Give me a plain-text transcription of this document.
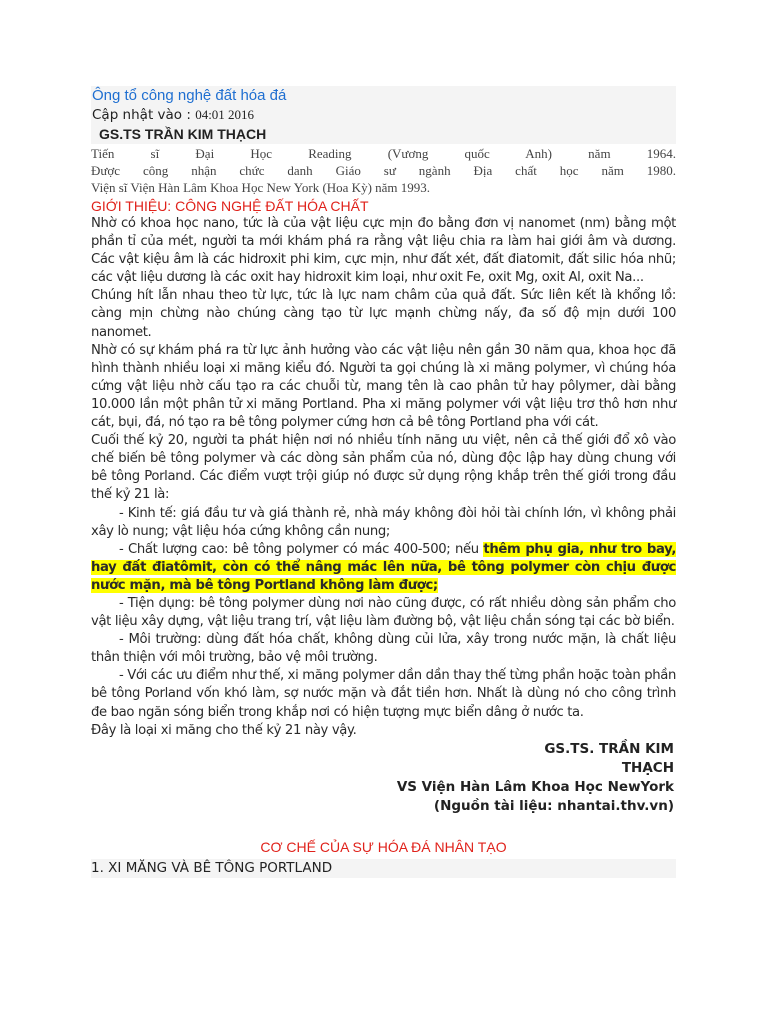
Ông tổ công nghệ đất hóa đá
Cập nhật vào : 04:01 2016
GS.TS TRẦN KIM THẠCH
Tiến sĩ Đại Học Reading (Vương quốc Anh) năm 1964.
Được công nhận chức danh Giáo sư ngành Địa chất học năm 1980.
Viện sĩ Viện Hàn Lâm Khoa Học New York (Hoa Kỳ) năm 1993.
GIỚI THIỆU: CÔNG NGHỆ ĐẤT HÓA CHẤT

Nhờ có khoa học nano, tức là của vật liệu cực mịn đo bằng đơn vị nanomet (nm) bằng một phần tỉ của mét, người ta mới khám phá ra rằng vật liệu chia ra làm hai giới âm và dương. Các vật kiệu âm là các hidroxit phi kim, cực mịn, như đất xét, đất điatomit, đất silic hóa nhũ; các vật liệu dương là các oxit hay hidroxit kim loại, như oxit Fe, oxit Mg, oxit Al, oxit Na...

Chúng hít lẫn nhau theo từ lực, tức là lực nam châm của quả đất. Sức liên kết là khổng lồ: càng mịn chừng nào chúng càng tạo từ lực mạnh chừng nấy, đa số độ mịn dưới 100 nanomet.

Nhờ có sự khám phá ra từ lực ảnh hưởng vào các vật liệu nên gần 30 năm qua, khoa học đã hình thành nhiều loại xi măng kiểu đó. Người ta gọi chúng là xi măng polymer, vì chúng hóa cứng vật liệu nhờ cấu tạo ra các chuỗi từ, mang tên là cao phân tử hay pôlymer, dài bằng 10.000 lần một phân tử xi măng Portland. Pha xi măng polymer với vật liệu trơ thô hơn như cát, bụi, đá, nó tạo ra bê tông polymer cứng hơn cả bê tông Portland pha với cát.

Cuối thế kỷ 20, người ta phát hiện nơi nó nhiều tính năng ưu việt, nên cả thế giới đổ xô vào chế biến bê tông polymer và các dòng sản phẩm của nó, dùng độc lập hay dùng chung với bê tông Porland. Các điểm vượt trội giúp nó được sử dụng rộng khắp trên thế giới trong đầu thế kỷ 21 là:

- Kinh tế: giá đầu tư và giá thành rẻ, nhà máy không đòi hỏi tài chính lớn, vì không phải xây lò nung; vật liệu hóa cứng không cần nung;

- Chất lượng cao: bê tông polymer có mác 400-500; nếu thêm phụ gia, như tro bay, hay đất điatômit, còn có thể nâng mác lên nữa, bê tông polymer còn chịu được nước mặn, mà bê tông Portland không làm được;

- Tiện dụng: bê tông polymer dùng nơi nào cũng được, có rất nhiều dòng sản phẩm cho vật liệu xây dựng, vật liệu trang trí, vật liệu làm đường bộ, vật liệu chắn sóng tại các bờ biển.

- Môi trường: dùng đất hóa chất, không dùng củi lửa, xây trong nước mặn, là chất liệu thân thiện với môi trường, bảo vệ môi trường.

- Với các ưu điểm như thế, xi măng polymer dần dần thay thế từng phần hoặc toàn phần bê tông Porland vốn khó làm, sợ nước mặn và đắt tiền hơn. Nhất là dùng nó cho công trình đe bao ngăn sóng biển trong khắp nơi có hiện tượng mực biển dâng ở nước ta.

Đây là loại xi măng cho thế kỷ 21 này vậy.

GS.TS. TRẦN KIM
THẠCH
VS Viện Hàn Lâm Khoa Học NewYork
(Nguồn tài liệu: nhantai.thv.vn)
CƠ CHẾ CỦA SỰ HÓA ĐÁ NHÂN TẠO
1. XI MĂNG VÀ BÊ TÔNG PORTLAND
